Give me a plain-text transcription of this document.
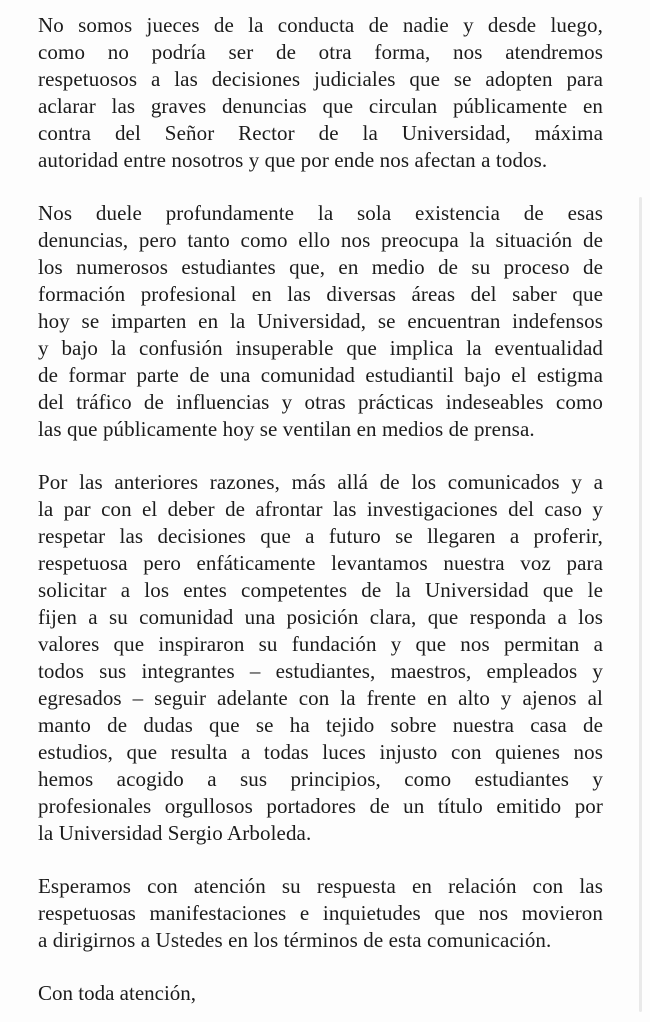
No somos jueces de la conducta de nadie y desde luego,
como no podría ser de otra forma, nos atendremos
respetuosos a las decisiones judiciales que se adopten para
aclarar las graves denuncias que circulan públicamente en
contra del Señor Rector de la Universidad, máxima
autoridad entre nosotros y que por ende nos afectan a todos.
Nos duele profundamente la sola existencia de esas
denuncias, pero tanto como ello nos preocupa la situación de
los numerosos estudiantes que, en medio de su proceso de
formación profesional en las diversas áreas del saber que
hoy se imparten en la Universidad, se encuentran indefensos
y bajo la confusión insuperable que implica la eventualidad
de formar parte de una comunidad estudiantil bajo el estigma
del tráfico de influencias y otras prácticas indeseables como
las que públicamente hoy se ventilan en medios de prensa.
Por las anteriores razones, más allá de los comunicados y a
la par con el deber de afrontar las investigaciones del caso y
respetar las decisiones que a futuro se llegaren a proferir,
respetuosa pero enfáticamente levantamos nuestra voz para
solicitar a los entes competentes de la Universidad que le
fijen a su comunidad una posición clara, que responda a los
valores que inspiraron su fundación y que nos permitan a
todos sus integrantes – estudiantes, maestros, empleados y
egresados – seguir adelante con la frente en alto y ajenos al
manto de dudas que se ha tejido sobre nuestra casa de
estudios, que resulta a todas luces injusto con quienes nos
hemos acogido a sus principios, como estudiantes y
profesionales orgullosos portadores de un título emitido por
la Universidad Sergio Arboleda.
Esperamos con atención su respuesta en relación con las
respetuosas manifestaciones e inquietudes que nos movieron
a dirigirnos a Ustedes en los términos de esta comunicación.
Con toda atención,
